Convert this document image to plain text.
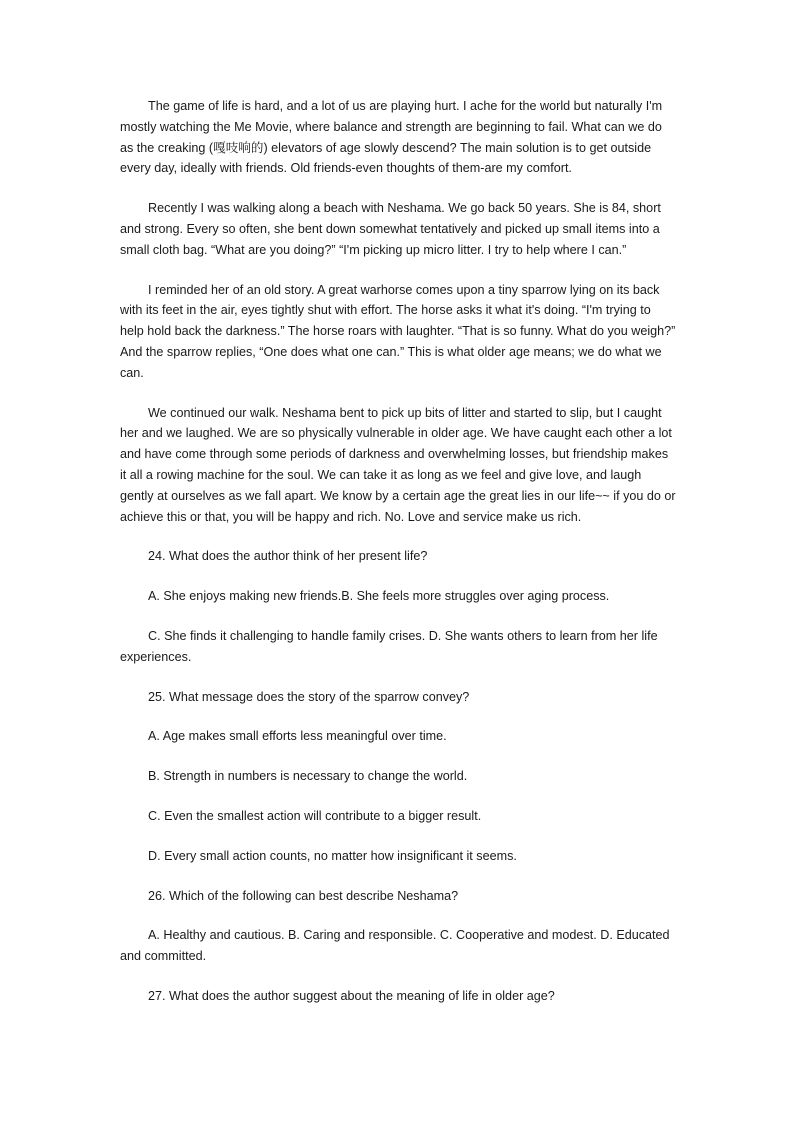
The game of life is hard, and a lot of us are playing hurt. I ache for the world but naturally I'm mostly watching the Me Movie, where balance and strength are beginning to fail. What can we do as the creaking (嘎吱响的) elevators of age slowly descend? The main solution is to get outside every day, ideally with friends. Old friends-even thoughts of them-are my comfort.

Recently I was walking along a beach with Neshama. We go back 50 years. She is 84, short and strong. Every so often, she bent down somewhat tentatively and picked up small items into a small cloth bag. “What are you doing?” “I'm picking up micro litter. I try to help where I can.”

I reminded her of an old story. A great warhorse comes upon a tiny sparrow lying on its back with its feet in the air, eyes tightly shut with effort. The horse asks it what it's doing. “I'm trying to help hold back the darkness.” The horse roars with laughter. “That is so funny. What do you weigh?” And the sparrow replies, “One does what one can.” This is what older age means; we do what we can.

We continued our walk. Neshama bent to pick up bits of litter and started to slip, but I caught her and we laughed. We are so physically vulnerable in older age. We have caught each other a lot and have come through some periods of darkness and overwhelming losses, but friendship makes it all a rowing machine for the soul. We can take it as long as we feel and give love, and laugh gently at ourselves as we fall apart. We know by a certain age the great lies in our life~~ if you do or achieve this or that, you will be happy and rich. No. Love and service make us rich.

24. What does the author think of her present life?

A. She enjoys making new friends.B. She feels more struggles over aging process.

C. She finds it challenging to handle family crises. D. She wants others to learn from her life experiences.

25. What message does the story of the sparrow convey?

A. Age makes small efforts less meaningful over time.

B. Strength in numbers is necessary to change the world.

C. Even the smallest action will contribute to a bigger result.

D. Every small action counts, no matter how insignificant it seems.

26. Which of the following can best describe Neshama?

A. Healthy and cautious. B. Caring and responsible. C. Cooperative and modest. D. Educated and committed.

27. What does the author suggest about the meaning of life in older age?
